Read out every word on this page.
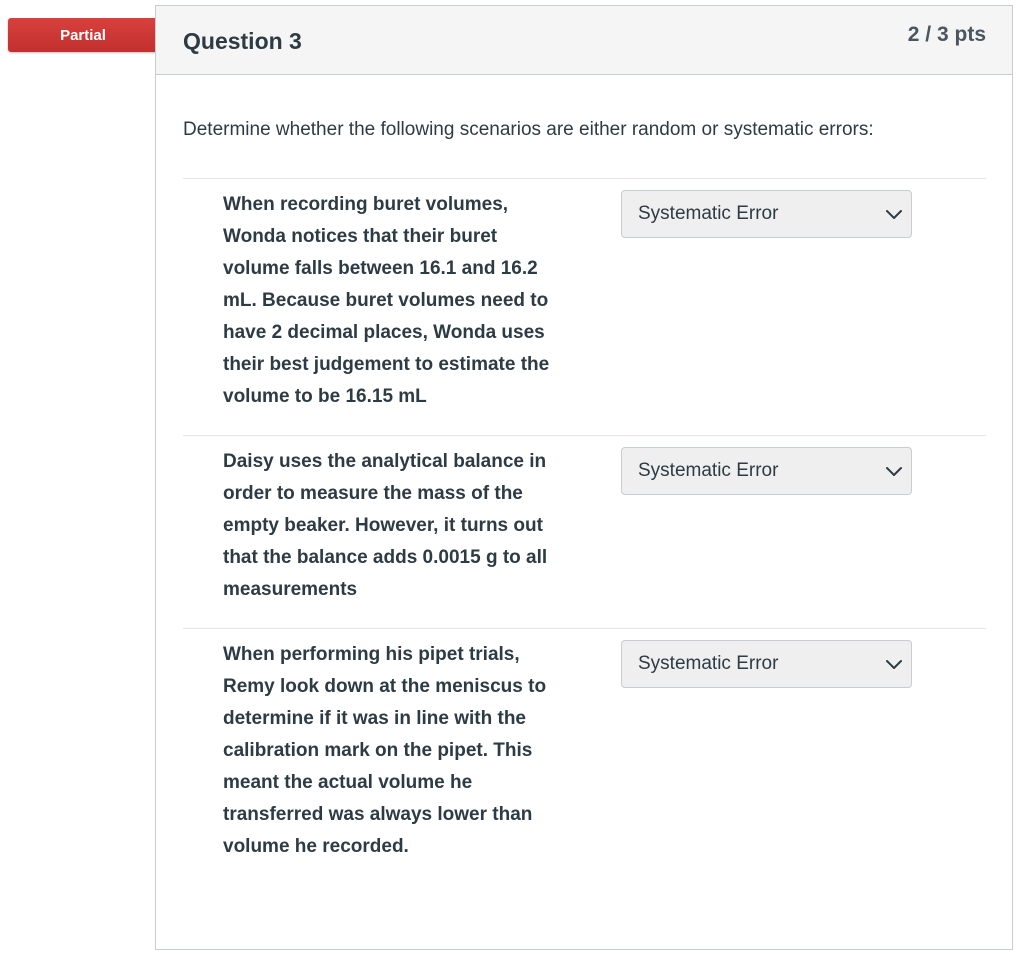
Partial	Question 3	2 / 3 pts
Determine whether the following scenarios are either random or systematic errors:
When recording buret volumes, Wonda notices that their buret volume falls between 16.1 and 16.2 mL. Because buret volumes need to have 2 decimal places, Wonda uses their best judgement to estimate the volume to be 16.15 mL
Systematic Error
Daisy uses the analytical balance in order to measure the mass of the empty beaker. However, it turns out that the balance adds 0.0015 g to all measurements
Systematic Error
When performing his pipet trials, Remy look down at the meniscus to determine if it was in line with the calibration mark on the pipet. This meant the actual volume he transferred was always lower than volume he recorded.
Systematic Error
